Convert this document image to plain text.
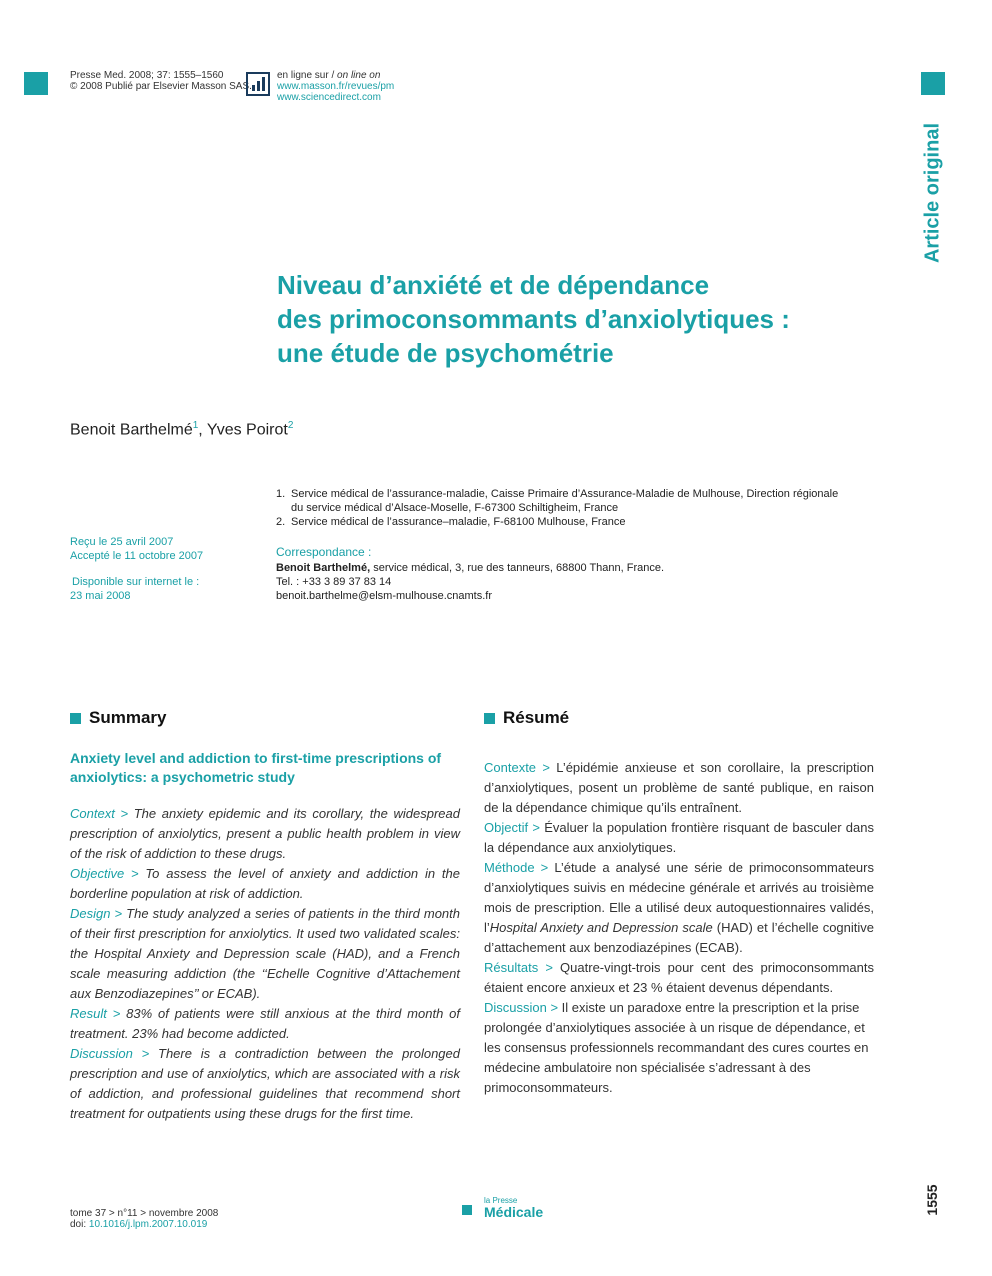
Presse Med. 2008; 37: 1555–1560
© 2008 Publié par Elsevier Masson SAS.
en ligne sur / on line on
www.masson.fr/revues/pm
www.sciencedirect.com
Article original
Niveau d’anxiété et de dépendance
des primoconsommants d’anxiolytiques :
une étude de psychométrie
Benoit Barthelmé$^1$, Yves Poirot$^2$
1. Service médical de l’assurance-maladie, Caisse Primaire d’Assurance-Maladie de Mulhouse, Direction régionale
du service médical d’Alsace-Moselle, F-67300 Schiltigheim, France
2. Service médical de l’assurance–maladie, F-68100 Mulhouse, France
Reçu le 25 avril 2007
Accepté le 11 octobre 2007
Disponible sur internet le :
23 mai 2008
Correspondance :
Benoit Barthelmé, service médical, 3, rue des tanneurs, 68800 Thann, France.
Tel. : +33 3 89 37 83 14
benoit.barthelme@elsm-mulhouse.cnamts.fr
Summary
Anxiety level and addiction to first-time prescriptions of anxiolytics: a psychometric study

Context > The anxiety epidemic and its corollary, the widespread prescription of anxiolytics, present a public health problem in view of the risk of addiction to these drugs.

Objective > To assess the level of anxiety and addiction in the borderline population at risk of addiction.

Design > The study analyzed a series of patients in the third month of their first prescription for anxiolytics. It used two validated scales: the Hospital Anxiety and Depression scale (HAD), and a French scale measuring addiction (the ‘‘Echelle Cognitive d’Attachement aux Benzodiazepines’’ or ECAB).

Result > 83% of patients were still anxious at the third month of treatment. 23% had become addicted.

Discussion > There is a contradiction between the prolonged prescription and use of anxiolytics, which are associated with a risk of addiction, and professional guidelines that recommend short treatment for outpatients using these drugs for the first time.

Résumé

Contexte > L’épidémie anxieuse et son corollaire, la prescription d’anxiolytiques, posent un problème de santé publique, en raison de la dépendance chimique qu’ils entraînent.

Objectif > Évaluer la population frontière risquant de basculer dans la dépendance aux anxiolytiques.

Méthode > L’étude a analysé une série de primoconsommateurs d’anxiolytiques suivis en médecine générale et arrivés au troisième mois de prescription. Elle a utilisé deux autoquestionnaires validés, l’Hospital Anxiety and Depression scale (HAD) et l’échelle cognitive d’attachement aux benzodiazépines (ECAB).

Résultats > Quatre-vingt-trois pour cent des primoconsommants étaient encore anxieux et 23 % étaient devenus dépendants.

Discussion > Il existe un paradoxe entre la prescription et la prise prolongée d’anxiolytiques associée à un risque de dépendance, et les consensus professionnels recommandant des cures courtes en médecine ambulatoire non spécialisée s’adressant à des primoconsommateurs.

tome 37 > n°11 > novembre 2008
doi: 10.1016/j.lpm.2007.10.019
la Presse
Médicale	1555
